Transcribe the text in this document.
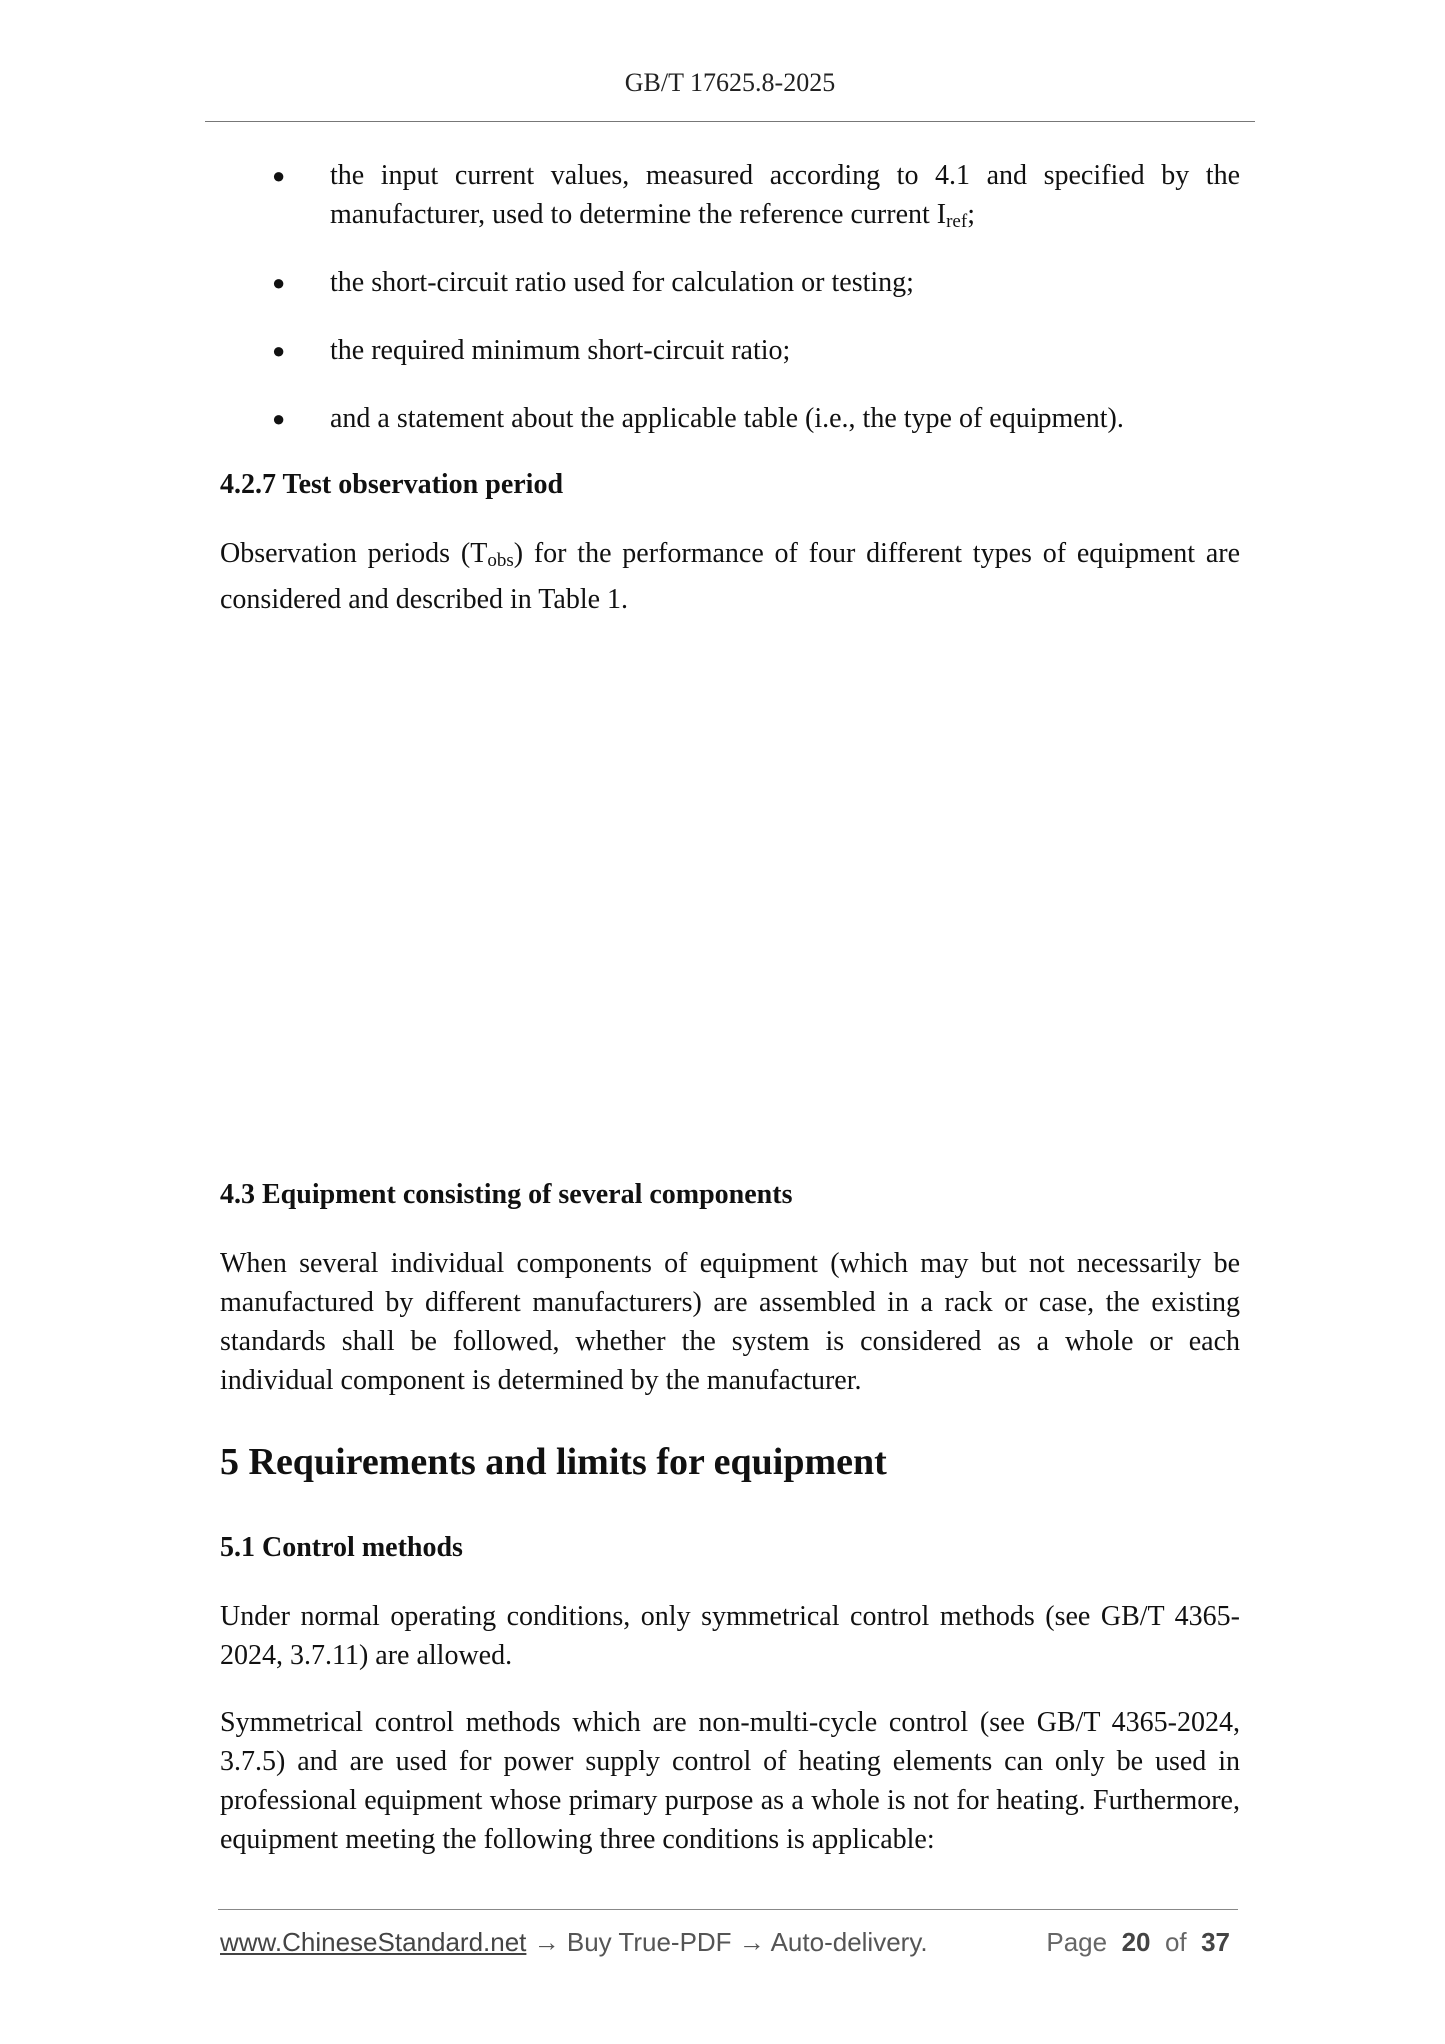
GB/T 17625.8-2025
● the input current values, measured according to 4.1 and specified by the
manufacturer, used to determine the reference current $I_{ref}$;
● the short-circuit ratio used for calculation or testing;
● the required minimum short-circuit ratio;
● and a statement about the applicable table (i.e., the type of equipment).
4.2.7 Test observation period
Observation periods $(T_{obs})$ for the performance of four different types of equipment are considered and described in Table 1.
4.3 Equipment consisting of several components
When several individual components of equipment (which may but not necessarily be manufactured by different manufacturers) are assembled in a rack or case, the existing standards shall be followed, whether the system is considered as a whole or each individual component is determined by the manufacturer.
5 Requirements and limits for equipment
5.1 Control methods
Under normal operating conditions, only symmetrical control methods (see GB/T 4365-2024, 3.7.11) are allowed.
Symmetrical control methods which are non-multi-cycle control (see GB/T 4365-2024, 3.7.5) and are used for power supply control of heating elements can only be used in professional equipment whose primary purpose as a whole is not for heating. Furthermore, equipment meeting the following three conditions is applicable:
www.ChineseStandard.net → Buy True-PDF → Auto-delivery.	Page 20 of 37
